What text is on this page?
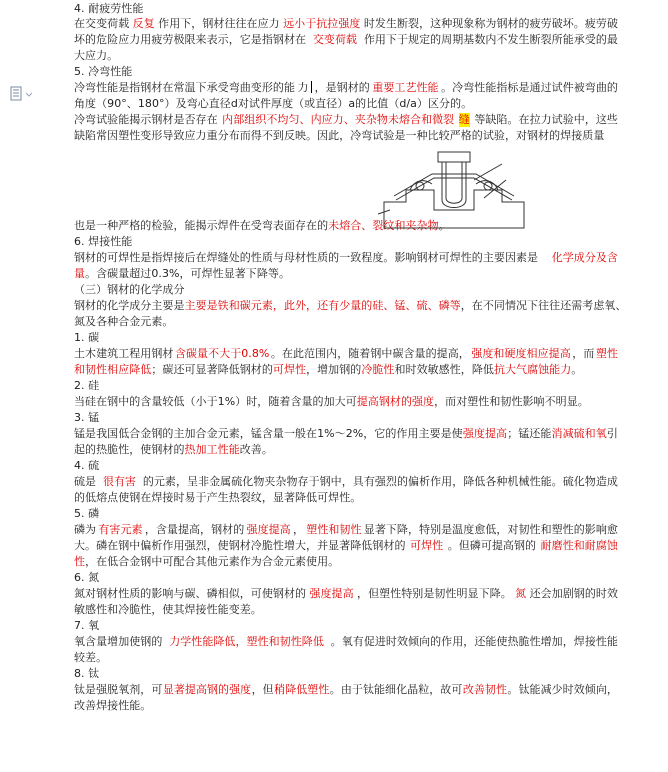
4. 耐疲劳性能
在交变荷载 反复 作用下，钢材往往在应力 远小于抗拉强度 时发生断裂，这种现象称为钢材的疲劳破坏。疲劳破
坏的危险应力用疲劳极限来表示，它是指钢材在 交变荷载 作用下于规定的周期基数内不发生断裂所能承受的最
大应力。
5. 冷弯性能
冷弯性能是指钢材在常温下承受弯曲变形的能 力 ，是钢材的 重要工艺性能 。冷弯性能指标是通过试件被弯曲的
角度（90°、180°）及弯心直径d对试件厚度（或直径）a的比值（d/a）区分的。
冷弯试验能揭示钢材是否存在 内部组织不均匀、内应力、夹杂物未熔合和微裂 缝 等缺陷。在拉力试验中，这些
缺陷常因塑性变形导致应力重分布而得不到反映。因此，冷弯试验是一种比较严格的试验，对钢材的焊接质量
也是一种严格的检验，能揭示焊件在受弯表面存在的未熔合、裂纹和夹杂物。
6. 焊接性能
钢材的可焊性是指焊接后在焊缝处的性质与母材性质的一致程度。影响钢材可焊性的主要因素是 化学成分及含
量。含碳量超过0.3%，可焊性显著下降等。
（三）钢材的化学成分
钢材的化学成分主要是 主要是铁和碳元素，此外，还有少量的硅、锰、硫、磷等 ，在不同情况下往往还需考虑氧、
氮及各种合金元素。
1. 碳
土木建筑工程用钢材 含碳量不大于0.8% 。在此范围内，随着钢中碳含量的提高， 强度和硬度相应提高 ，而 塑性
和韧性相应降低；碳还可显著降低钢材的可焊性，增加钢的冷脆性和时效敏感性，降低抗大气腐蚀能力。
2. 硅
当硅在钢中的含量较低（小于1%）时，随着含量的加大可提高钢材的强度，而对塑性和韧性影响不明显。
3. 锰
锰是我国低合金钢的主加合金元素，锰含量一般在1%～2%，它的作用主要是使 强度提高 ；锰还能 消减硫和氧 引
起的热脆性，使钢材的热加工性能改善。
4. 硫
硫是 很有害 的元素，呈非金属硫化物夹杂物存于钢中，具有强烈的偏析作用，降低各种机械性能。硫化物造成
的低熔点使钢在焊接时易于产生热裂纹，显著降低可焊性。
5. 磷
磷为 有害元素 ，含量提高，钢材的 强度提高 ， 塑性和韧性 显著下降，特别是温度愈低，对韧性和塑性的影响愈
大。磷在钢中偏析作用强烈，使钢材冷脆性增大，并显著降低钢材的 可焊性 。但磷可提高钢的 耐磨性和耐腐蚀
性，在低合金钢中可配合其他元素作为合金元素使用。
6. 氮
氮对钢材性质的影响与碳、磷相似，可使钢材的 强度提高 ，但塑性特别是韧性明显下降。 氮 还会加剧钢的时效
敏感性和冷脆性，使其焊接性能变差。
7. 氧
氧含量增加使钢的 力学性能降低，塑性和韧性降低 。氧有促进时效倾向的作用，还能使热脆性增加，焊接性能
较差。
8. 钛
钛是强脱氧剂，可 显著提高钢的强度 ，但 稍降低塑性 。由于钛能细化晶粒，故可 改善韧性 。钛能减少时效倾向，
改善焊接性能。
